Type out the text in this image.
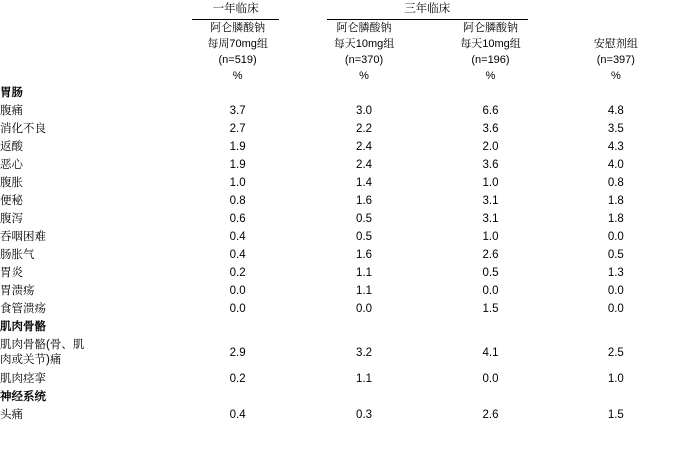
	一年临床	三年临床		

	阿仑膦酸钠
每周70mg组
(n=519)
%	阿仑膦酸钠
每天10mg组
(n=370)
%	阿仑膦酸钠
每天10mg组
(n=196)
%	安慰剂组
(n=397)
%

胃肠				
腹痛	3.7	3.0	6.6	4.8
消化不良	2.7	2.2	3.6	3.5
返酸	1.9	2.4	2.0	4.3
恶心	1.9	2.4	3.6	4.0
腹胀	1.0	1.4	1.0	0.8
便秘	0.8	1.6	3.1	1.8
腹泻	0.6	0.5	3.1	1.8
吞咽困难	0.4	0.5	1.0	0.0
肠胀气	0.4	1.6	2.6	0.5
胃炎	0.2	1.1	0.5	1.3
胃溃疡	0.0	1.1	0.0	0.0
食管溃疡	0.0	0.0	1.5	0.0
肌肉骨骼				
肌肉骨骼(骨、肌
肉或关节)痛	2.9	3.2	4.1	2.5
肌肉痉挛	0.2	1.1	0.0	1.0
神经系统				
头痛	0.4	0.3	2.6	1.5
